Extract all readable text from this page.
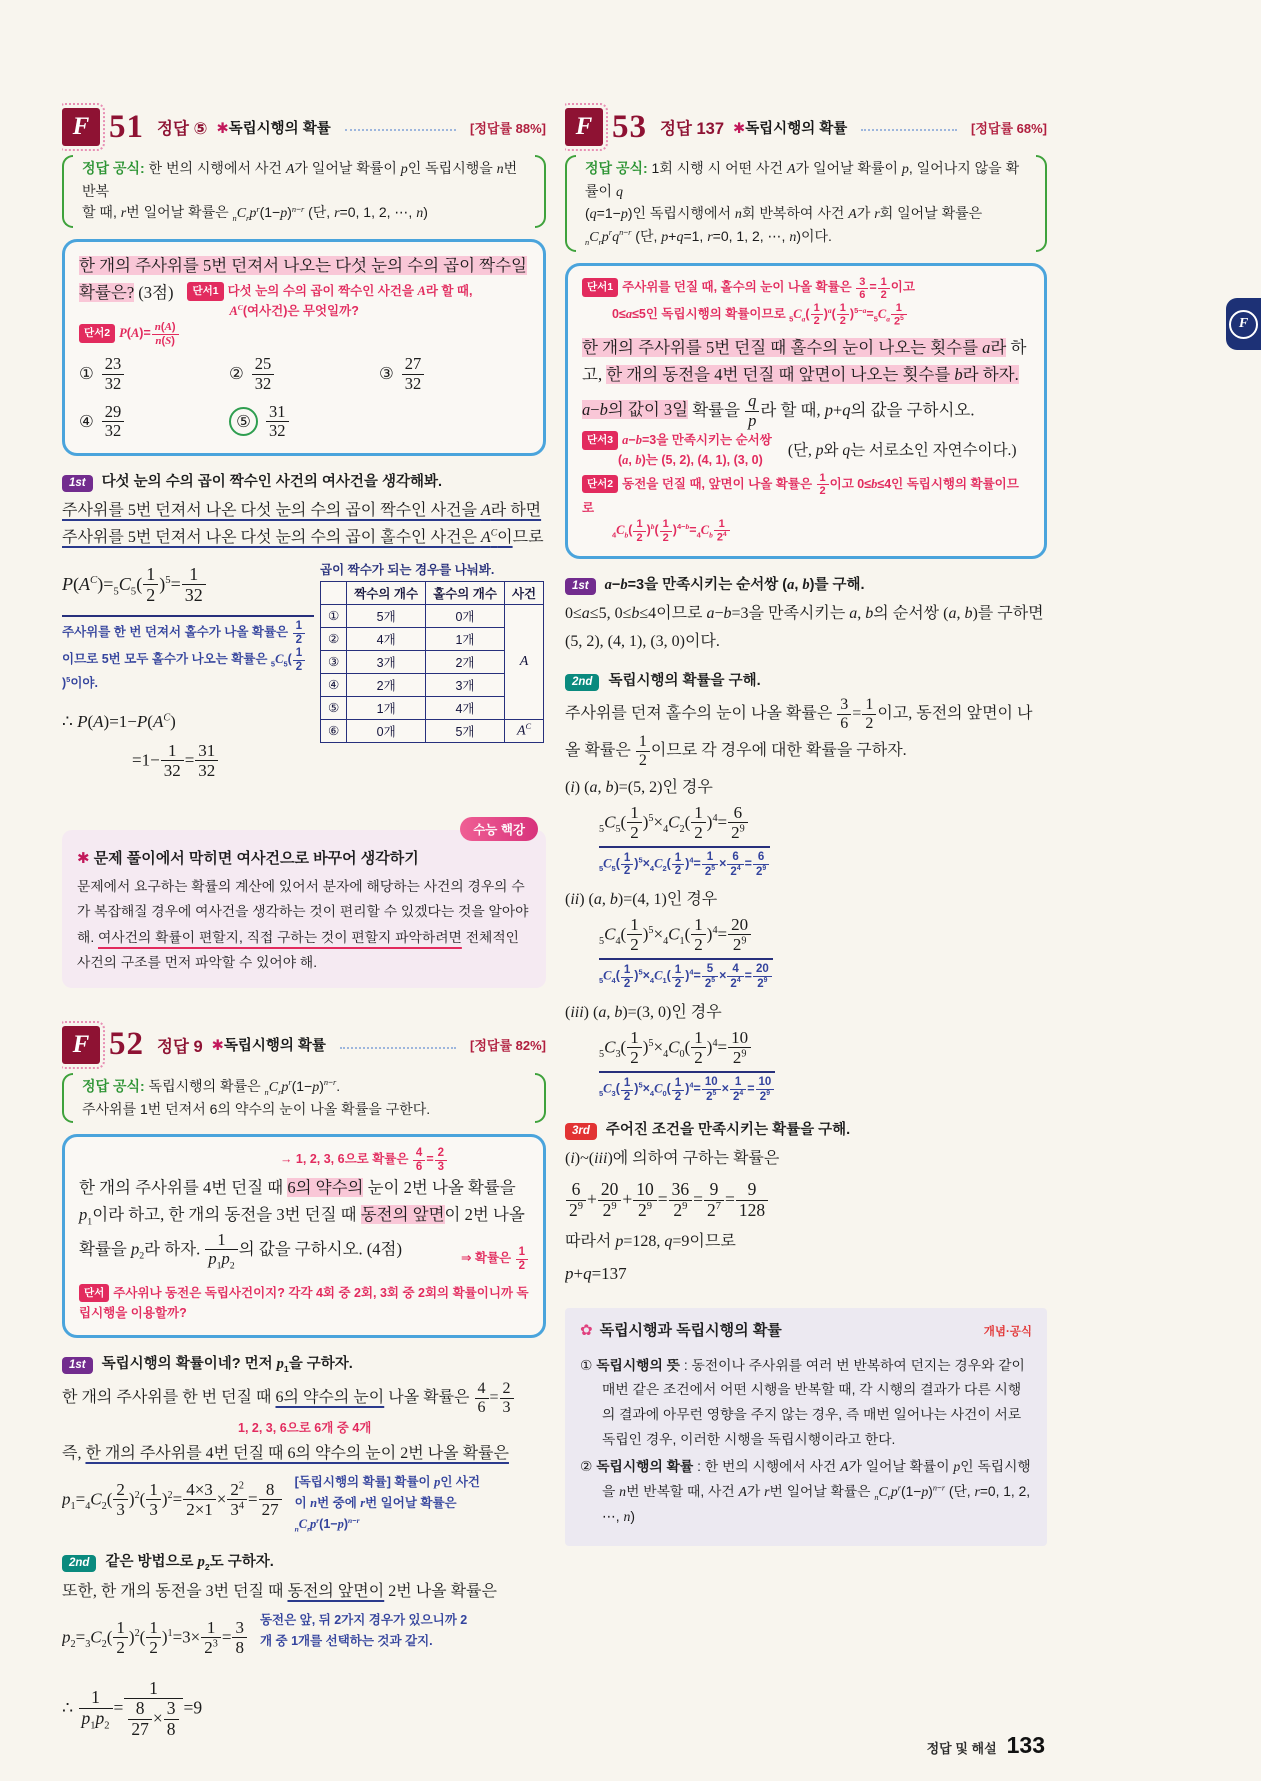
F 51 정답 ⑤ ✱독립시행의 확률	[정답률 88%]
정답 공식: 한 번의 시행에서 사건 A가 일어날 확률이 p인 독립시행을 n번 반복
할 때, r번 일어날 확률은 $_nC_rp^r(1-p)^{n-r}$ (단, r=0, 1, 2, ⋯, n)
한 개의 주사위를 5번 던져서 나오는 다섯 눈의 수의 곱이 짝수일
확률은? (3점)	단서1 다섯 눈의 수의 곱이 짝수인 사건을 A라 할 때,
$A^C$(여사건)은 무엇일까?
단서2 $P(A)= \frac{n(A)}{n(S)}$
① $\frac{23}{32}$	② $\frac{25}{32}$	③ $\frac{27}{32}$
④ $\frac{29}{32}$	⑤ $\frac{31}{32}$
1st	다섯 눈의 수의 곱이 짝수인 사건의 여사건을 생각해봐.
주사위를 5번 던져서 나온 다섯 눈의 수의 곱이 짝수인 사건을 A라 하면 주사위를 5번 던져서 나온 다섯 눈의 수의 곱이 홀수인 사건은 $A^C$이므로
$P(A^C)=_5C_5( \frac{1}{2} )^5= \frac{1}{32}$
주사위를 한 번 던져서 홀수가 나올 확률은 $\frac{1}{2}$
이므로 5번 모두 홀수가 나오는 확률은 $_5C_5( \frac{1}{2}$
)$^5$이야.
∴ $P(A)=1-P(A^C)$
$=1- \frac{1}{32} = \frac{31}{32}$
곱이 짝수가 되는 경우를 나눠봐.
	짝수의 개수	홀수의 개수	사건
①	5개	0개	A
②	4개	1개	
③	3개	2개	
④	2개	3개	
⑤	1개	4개	
⑥	0개	5개	$A^C$
수능 핵강
✱ 문제 풀이에서 막히면 여사건으로 바꾸어 생각하기
문제에서 요구하는 확률의 계산에 있어서 분자에 해당하는 사건의 경우의 수가 복잡해질 경우에 여사건을 생각하는 것이 편리할 수 있겠다는 것을 알아야 해. 여사건의 확률이 편할지, 직접 구하는 것이 편할지 파악하려면 전체적인 사건의 구조를 먼저 파악할 수 있어야 해.
F 52 정답 9 ✱독립시행의 확률	[정답률 82%]
정답 공식: 독립시행의 확률은 $_nC_rp^r(1-p)^{n-r}$.
주사위를 1번 던져서 6의 약수의 눈이 나올 확률을 구한다.
→ 1, 2, 3, 6으로 확률은 $\frac{4}{6} = \frac{2}{3}$
한 개의 주사위를 4번 던질 때 6의 약수의 눈이 2번 나올 확률을 $p_1$이라 하고, 한 개의 동전을 3번 던질 때 동전의 앞면이 2번 나올 확률을 $p_2$라 하자. $\frac{1}{p_1p_2}$ 의 값을 구하시오. (4점)	⇒ 확률은 $\frac{1}{2}$
단서 주사위나 동전은 독립사건이지? 각각 4회 중 2회, 3회 중 2회의 확률이니까 독립시행을 이용할까?
1st	독립시행의 확률이네? 먼저 $p_1$을 구하자.
한 개의 주사위를 한 번 던질 때 6의 약수의 눈이 나올 확률은 $\frac{4}{6} = \frac{2}{3}$
1, 2, 3, 6으로 6개 중 4개
즉, 한 개의 주사위를 4번 던질 때 6의 약수의 눈이 2번 나올 확률은
$p_1=_4C_2( \frac{2}{3} )^2( \frac{1}{3} )^2= \frac{4\times 3}{2\times 1} \times \frac{2^2}{3^4} = \frac{8}{27}$ [독립시행의 확률] 확률이 p인 사건이 n번 중에 r번 일어날 확률은 $_nC_rp^r(1-p)^{n-r}$
2nd	같은 방법으로 $p_2$도 구하자.
또한, 한 개의 동전을 3번 던질 때 동전의 앞면이 2번 나올 확률은
$p_2=_3C_2( \frac{1}{2} )^2( \frac{1}{2} )^1=3\times \frac{1}{2^3} = \frac{3}{8}$ 동전은 앞, 뒤 2가지 경우가 있으니까 2개 중 1개를 선택하는 것과 같지.
∴ $\frac{1}{p_1p_2} = \frac{1}{\frac{8}{27} \times \frac{3}{8}} =9$
F 53 정답 137 ✱독립시행의 확률	[정답률 68%]
정답 공식: 1회 시행 시 어떤 사건 A가 일어날 확률이 p, 일어나지 않을 확률이 q
(q=1−p)인 독립시행에서 n회 반복하여 사건 A가 r회 일어날 확률은
$_nC_rp^rq^{n-r}$ (단, p+q=1, r=0, 1, 2, ⋯, n)이다.
단서1 주사위를 던질 때, 홀수의 눈이 나올 확률은 $\frac{3}{6} = \frac{1}{2}$ 이고
0≤a≤5인 독립시행의 확률이므로 $_5C_a( \frac{1}{2} )^a( \frac{1}{2} )^{5-a}=_5C_a \frac{1}{2^5}$
한 개의 주사위를 5번 던질 때 홀수의 눈이 나오는 횟수를 a라 하
고, 한 개의 동전을 4번 던질 때 앞면이 나오는 횟수를 b라 하자.
a−b의 값이 3일 확률을 $\frac{q}{p}$ 라 할 때, p+q의 값을 구하시오.
단서3 a−b=3을 만족시키는 순서쌍
(a, b)는 (5, 2), (4, 1), (3, 0)
(단, p와 q는 서로소인 자연수이다.)
단서2 동전을 던질 때, 앞면이 나올 확률은 $\frac{1}{2}$ 이고 0≤b≤4인 독립시행의 확률이므로
$_4C_b( \frac{1}{2} )^b( \frac{1}{2} )^{4-b}=_4C_b \frac{1}{2^4}$
1st	a−b=3을 만족시키는 순서쌍 (a, b)를 구해.
0≤a≤5, 0≤b≤4이므로 a−b=3을 만족시키는 a, b의 순서쌍 (a, b)를 구하면 (5, 2), (4, 1), (3, 0)이다.
2nd	독립시행의 확률을 구해.
주사위를 던져 홀수의 눈이 나올 확률은 $\frac{3}{6} = \frac{1}{2}$ 이고, 동전의 앞면이 나올 확률은 $\frac{1}{2}$ 이므로 각 경우에 대한 확률을 구하자.
(i) (a, b)=(5, 2)인 경우
$_5C_5( \frac{1}{2} )^5\times_4C_2( \frac{1}{2} )^4= \frac{6}{2^9}$
$_5C_5( \frac{1}{2} )^5\times_4C_2( \frac{1}{2} )^4= \frac{1}{2^5} \times \frac{6}{2^4} = \frac{6}{2^9}$
(ii) (a, b)=(4, 1)인 경우
$_5C_4( \frac{1}{2} )^5\times_4C_1( \frac{1}{2} )^4= \frac{20}{2^9}$
$_5C_4( \frac{1}{2} )^5\times_4C_1( \frac{1}{2} )^4= \frac{5}{2^5} \times \frac{4}{2^4} = \frac{20}{2^9}$
(iii) (a, b)=(3, 0)인 경우
$_5C_3( \frac{1}{2} )^5\times_4C_0( \frac{1}{2} )^4= \frac{10}{2^9}$
$_5C_3( \frac{1}{2} )^5\times_4C_0( \frac{1}{2} )^4= \frac{10}{2^5} \times \frac{1}{2^4} = \frac{10}{2^9}$
3rd	주어진 조건을 만족시키는 확률을 구해.
(i)~(iii)에 의하여 구하는 확률은
$\frac{6}{2^9} + \frac{20}{2^9} + \frac{10}{2^9} = \frac{36}{2^9} = \frac{9}{2^7} = \frac{9}{128}$
따라서 p=128, q=9이므로
p+q=137
✿ 독립시행과 독립시행의 확률	개념·공식
① 독립시행의 뜻 : 동전이나 주사위를 여러 번 반복하여 던지는 경우와 같이 매번 같은 조건에서 어떤 시행을 반복할 때, 각 시행의 결과가 다른 시행의 결과에 아무런 영향을 주지 않는 경우, 즉 매번 일어나는 사건이 서로 독립인 경우, 이러한 시행을 독립시행이라고 한다.
② 독립시행의 확률 : 한 번의 시행에서 사건 A가 일어날 확률이 p인 독립시행을 n번 반복할 때, 사건 A가 r번 일어날 확률은 $_nC_rp^r(1-p)^{n-r}$ (단, r=0, 1, 2, ⋯, n)
F
정답 및 해설 133
